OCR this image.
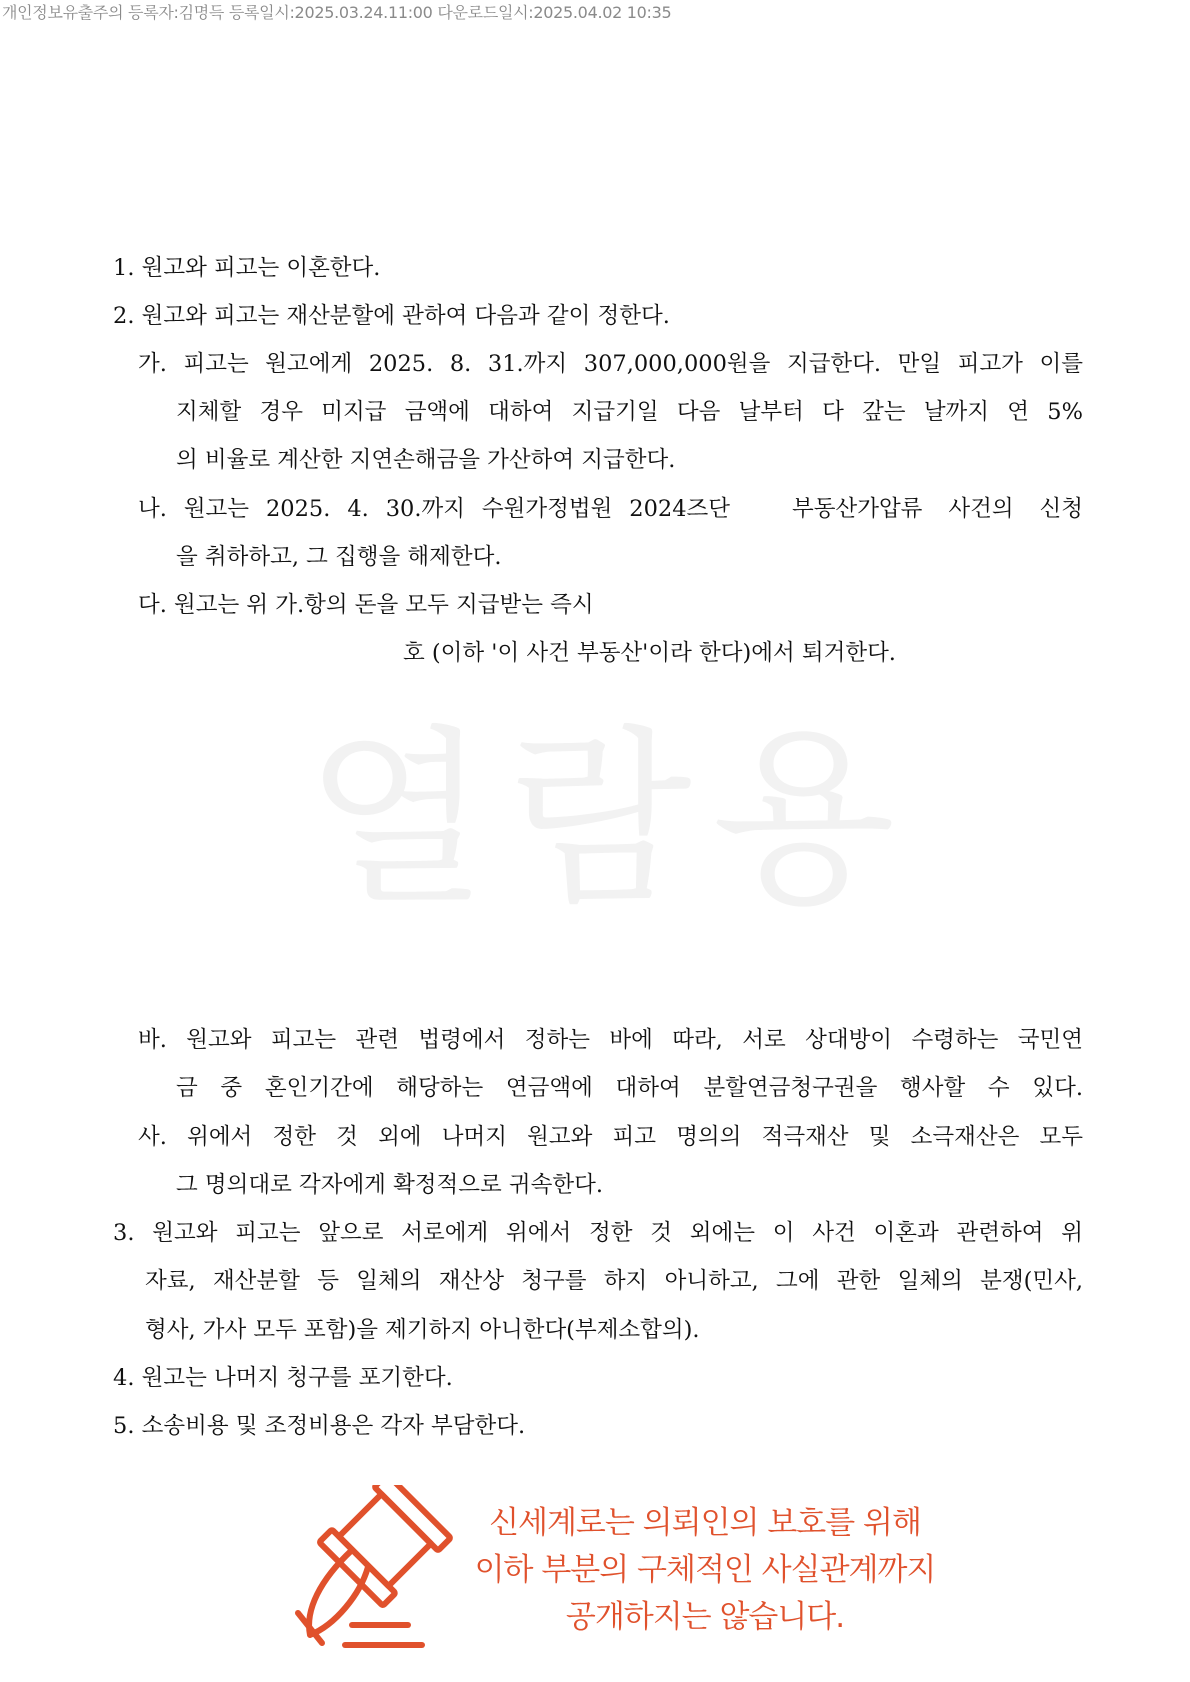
개인정보유출주의 등록자:김명득 등록일시:2025.03.24.11:00 다운로드일시:2025.04.02 10:35
열람용
1. 원고와 피고는 이혼한다.
2. 원고와 피고는 재산분할에 관하여 다음과 같이 정한다.
가. 피고는 원고에게 2025. 8. 31.까지 307,000,000원을 지급한다. 만일 피고가 이를
지체할 경우 미지급 금액에 대하여 지급기일 다음 날부터 다 갚는 날까지 연 5%
의 비율로 계산한 지연손해금을 가산하여 지급한다.
나. 원고는 2025. 4. 30.까지 수원가정법원 2024즈단	부동산가압류 사건의 신청
을 취하하고, 그 집행을 해제한다.
다. 원고는 위 가.항의 돈을 모두 지급받는 즉시
호 (이하 '이 사건 부동산'이라 한다)에서 퇴거한다.
바. 원고와 피고는 관련 법령에서 정하는 바에 따라, 서로 상대방이 수령하는 국민연
금 중 혼인기간에 해당하는 연금액에 대하여 분할연금청구권을 행사할 수 있다.
사. 위에서 정한 것 외에 나머지 원고와 피고 명의의 적극재산 및 소극재산은 모두
그 명의대로 각자에게 확정적으로 귀속한다.
3. 원고와 피고는 앞으로 서로에게 위에서 정한 것 외에는 이 사건 이혼과 관련하여 위
자료, 재산분할 등 일체의 재산상 청구를 하지 아니하고, 그에 관한 일체의 분쟁(민사,
형사, 가사 모두 포함)을 제기하지 아니한다(부제소합의).
4. 원고는 나머지 청구를 포기한다.
5. 소송비용 및 조정비용은 각자 부담한다.
신세계로는 의뢰인의 보호를 위해
이하 부분의 구체적인 사실관계까지
공개하지는 않습니다.
